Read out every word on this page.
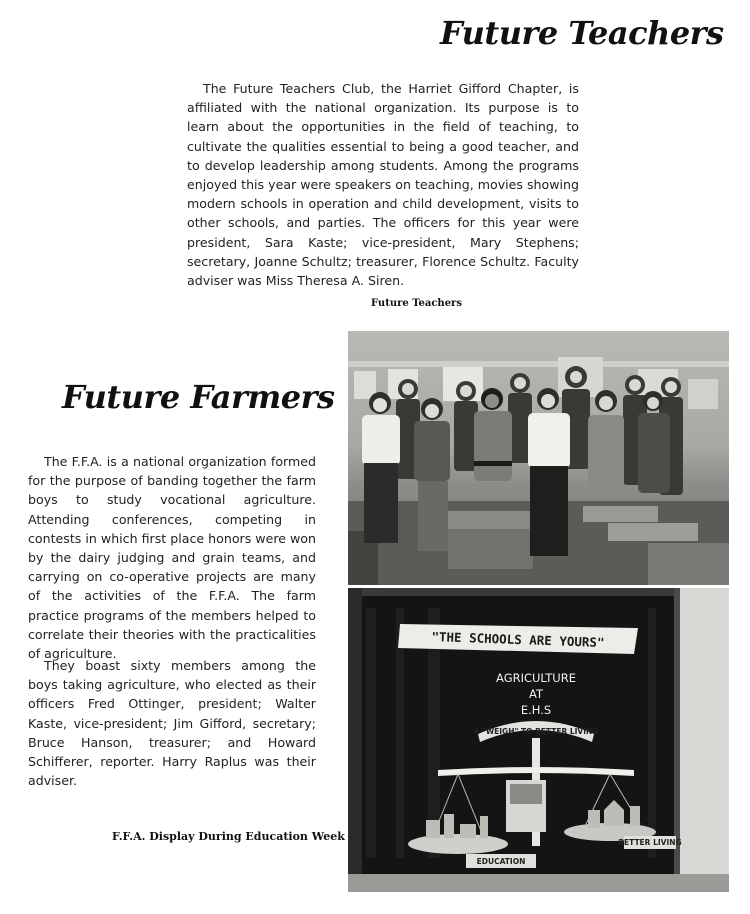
Future Teachers

The Future Teachers Club, the Harriet Gifford Chapter, is affiliated with the national organization. Its purpose is to learn about the opportunities in the field of teaching, to cultivate the qualities essential to being a good teacher, and to develop leadership among students. Among the programs enjoyed this year were speakers on teaching, movies showing modern schools in operation and child development, visits to other schools, and parties. The officers for this year were president, Sara Kaste; vice-president, Mary Stephens; secretary, Joanne Schultz; treasurer, Florence Schultz. Faculty adviser was Miss Theresa A. Siren.

Future Teachers
Future Farmers

The F.F.A. is a national organization formed for the purpose of banding together the farm boys to study vocational agriculture. Attending conferences, competing in contests in which first place honors were won by the dairy judging and grain teams, and carrying on co-operative projects are many of the activities of the F.F.A. The farm practice programs of the members helped to correlate their theories with the practicalities of agriculture.

They boast sixty members among the boys taking agriculture, who elected as their officers Fred Ottinger, president; Walter Kaste, vice-president; Jim Gifford, secretary; Bruce Hanson, treasurer; and Howard Schifferer, reporter. Harry Raplus was their adviser.

F.F.A. Display During Education Week
"THE SCHOOLS ARE YOURS"
AGRICULTURE
AT
E.H.S
A "WEIGH" TO BETTER LIVING
EDUCATION
BETTER LIVING
